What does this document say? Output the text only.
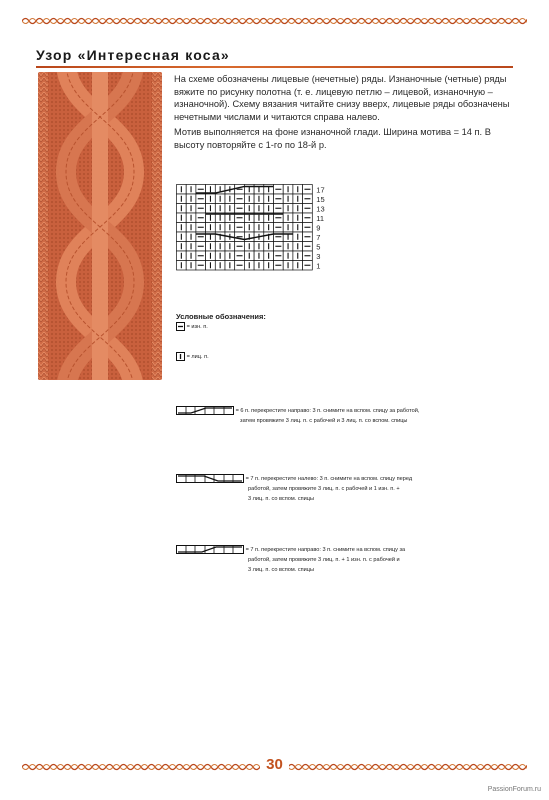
Узор «Интересная коса»

На схеме обозначены лицевые (нечетные) ряды. Изнаночные (четные) ряды вяжите по рисунку полотна (т. е. лицевую петлю – лицевой, изнаночную – изнаночной). Схему вязания читайте снизу вверх, лицевые ряды обозначены нечетными числами и читаются справа налево.

Мотив выполняется на фоне изнаночной глади. Ширина мотива = 14 п. В высоту повторяйте с 1-го по 18-й р.

17
15
13
11
9
7
5
3
1
Условные обозначения:
= изн. п.
= лиц. п.
= 6 п. перекрестите направо: 3 п. снимите на вспом. спицу за работой,
затем провяжите 3 лиц. п. с рабочей и 3 лиц. п. со вспом. спицы
= 7 п. перекрестите налево: 3 п. снимите на вспом. спицу перед
работой, затем провяжите 3 лиц. п. с рабочей и 1 изн. п. +
3 лиц. п. со вспом. спицы
= 7 п. перекрестите направо: 3 п. снимите на вспом. спицу за
работой, затем провяжите 3 лиц. п. + 1 изн. п. с рабочей и
3 лиц. п. со вспом. спицы
30
PassionForum.ru
